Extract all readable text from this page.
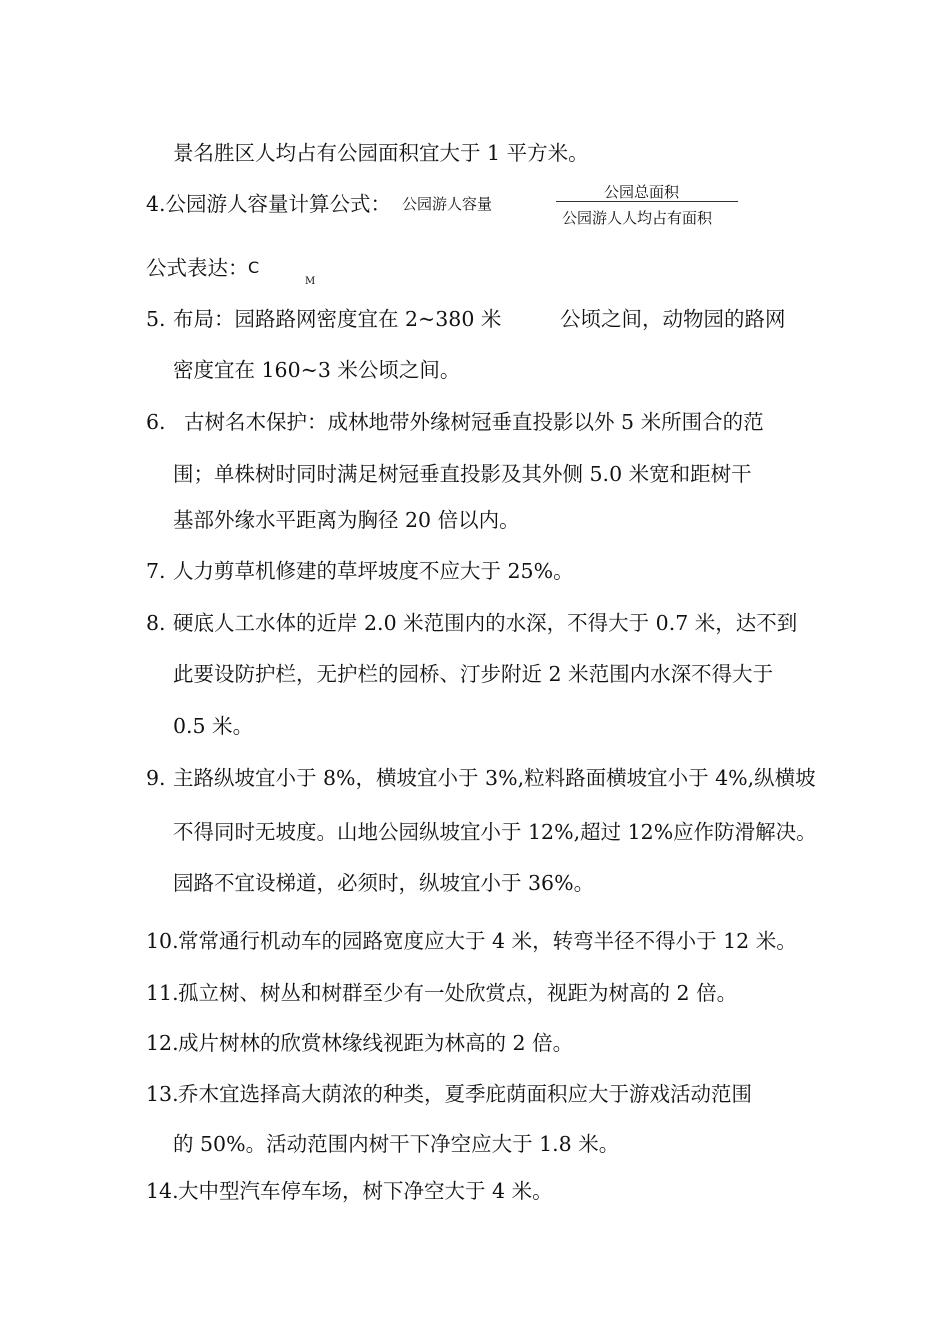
景名胜区人均占有公园面积宜大于 1 平方米。
4.公园游人容量计算公式： 公园游人容量
公园总面积
公园游人人均占有面积
公式表达： C
M
5. 布局：园路路网密度宜在 2~380 米	公顷之间，动物园的路网
密度宜在 160~3 米公顷之间。
6. 古树名木保护：成林地带外缘树冠垂直投影以外 5 米所围合的范
围；单株树时同时满足树冠垂直投影及其外侧 5.0 米宽和距树干
基部外缘水平距离为胸径 20 倍以内。
7. 人力剪草机修建的草坪坡度不应大于 25%。
8. 硬底人工水体的近岸 2.0 米范围内的水深，不得大于 0.7 米，达不到
此要设防护栏，无护栏的园桥、汀步附近 2 米范围内水深不得大于
0.5 米。
9. 主路纵坡宜小于 8%，横坡宜小于 3%,粒料路面横坡宜小于 4%,纵横坡
不得同时无坡度。山地公园纵坡宜小于 12%,超过 12%应作防滑解决。
园路不宜设梯道，必须时，纵坡宜小于 36%。
10. 常常通行机动车的园路宽度应大于 4 米，转弯半径不得小于 12 米。
11. 孤立树、树丛和树群至少有一处欣赏点，视距为树高的 2 倍。
12. 成片树林的欣赏林缘线视距为林高的 2 倍。
13. 乔木宜选择高大荫浓的种类，夏季庇荫面积应大于游戏活动范围
的 50%。活动范围内树干下净空应大于 1.8 米。
14. 大中型汽车停车场，树下净空大于 4 米。
